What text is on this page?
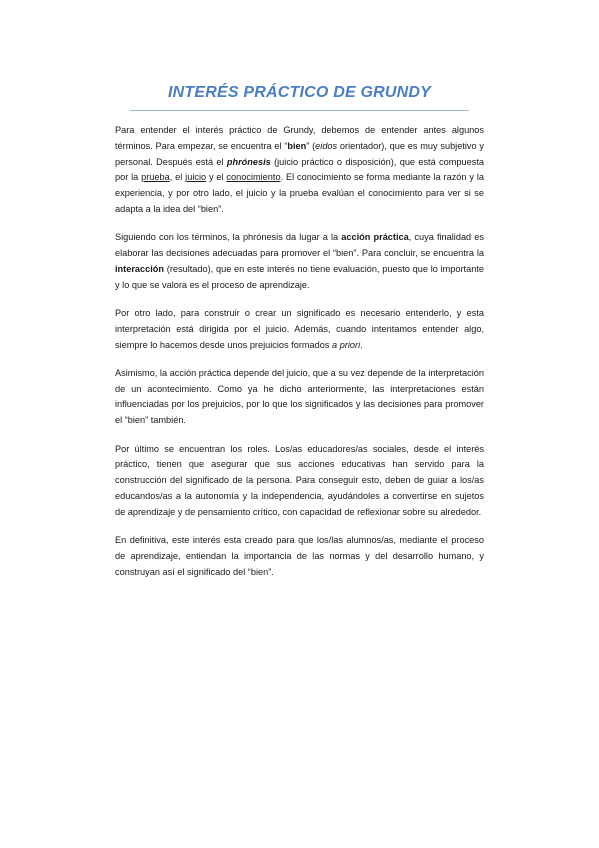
INTERÉS PRÁCTICO DE GRUNDY

Para entender el interés práctico de Grundy, debemos de entender antes algunos términos. Para empezar, se encuentra el “bien” (eidos orientador), que es muy subjetivo y personal. Después está el phrónesis (juicio práctico o disposición), que está compuesta por la prueba, el juicio y el conocimiento. El conocimiento se forma mediante la razón y la experiencia, y por otro lado, el juicio y la prueba evalúan el conocimiento para ver si se adapta a la idea del “bien”.

Siguiendo con los términos, la phrónesis da lugar a la acción práctica, cuya finalidad es elaborar las decisiones adecuadas para promover el “bien”. Para concluir, se encuentra la interacción (resultado), que en este interés no tiene evaluación, puesto que lo importante y lo que se valora es el proceso de aprendizaje.

Por otro lado, para construir o crear un significado es necesario entenderlo, y esta interpretación está dirigida por el juicio. Además, cuando intentamos entender algo, siempre lo hacemos desde unos prejuicios formados a priori.

Asimismo, la acción práctica depende del juicio, que a su vez depende de la interpretación de un acontecimiento. Como ya he dicho anteriormente, las interpretaciones están influenciadas por los prejuicios, por lo que los significados y las decisiones para promover el “bien” también.

Por último se encuentran los roles. Los/as educadores/as sociales, desde el interés práctico, tienen que asegurar que sus acciones educativas han servido para la construcción del significado de la persona. Para conseguir esto, deben de guiar a los/as educandos/as a la autonomía y la independencia, ayudándoles a convertirse en sujetos de aprendizaje y de pensamiento crítico, con capacidad de reflexionar sobre su alrededor.

En definitiva, este interés esta creado para que los/las alumnos/as, mediante el proceso de aprendizaje, entiendan la importancia de las normas y del desarrollo humano, y construyan así el significado del “bien”.
